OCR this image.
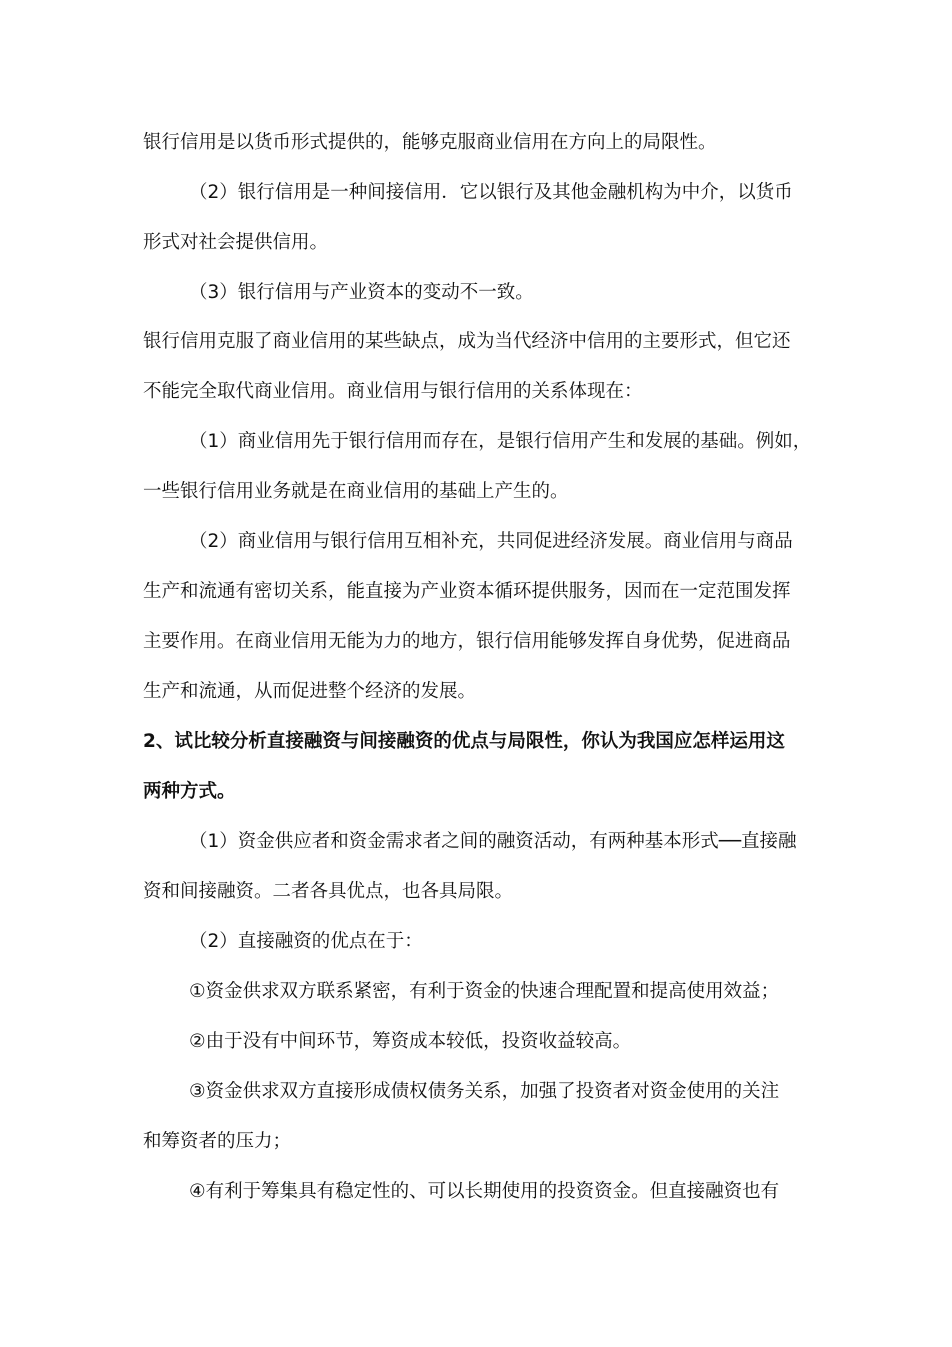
银行信用是以货币形式提供的，能够克服商业信用在方向上的局限性。
（2）银行信用是一种间接信用．它以银行及其他金融机构为中介，以货币
形式对社会提供信用。
（3）银行信用与产业资本的变动不一致。
银行信用克服了商业信用的某些缺点，成为当代经济中信用的主要形式，但它还
不能完全取代商业信用。商业信用与银行信用的关系体现在：
（1）商业信用先于银行信用而存在，是银行信用产生和发展的基础。例如，
一些银行信用业务就是在商业信用的基础上产生的。
（2）商业信用与银行信用互相补充，共同促进经济发展。商业信用与商品
生产和流通有密切关系，能直接为产业资本循环提供服务，因而在一定范围发挥
主要作用。在商业信用无能为力的地方，银行信用能够发挥自身优势，促进商品
生产和流通，从而促进整个经济的发展。
2、试比较分析直接融资与间接融资的优点与局限性，你认为我国应怎样运用这
两种方式。
（1）资金供应者和资金需求者之间的融资活动，有两种基本形式──直接融
资和间接融资。二者各具优点，也各具局限。
（2）直接融资的优点在于：
①资金供求双方联系紧密，有利于资金的快速合理配置和提高使用效益；
②由于没有中间环节，筹资成本较低，投资收益较高。
③资金供求双方直接形成债权债务关系，加强了投资者对资金使用的关注
和筹资者的压力；
④有利于筹集具有稳定性的、可以长期使用的投资资金。但直接融资也有
